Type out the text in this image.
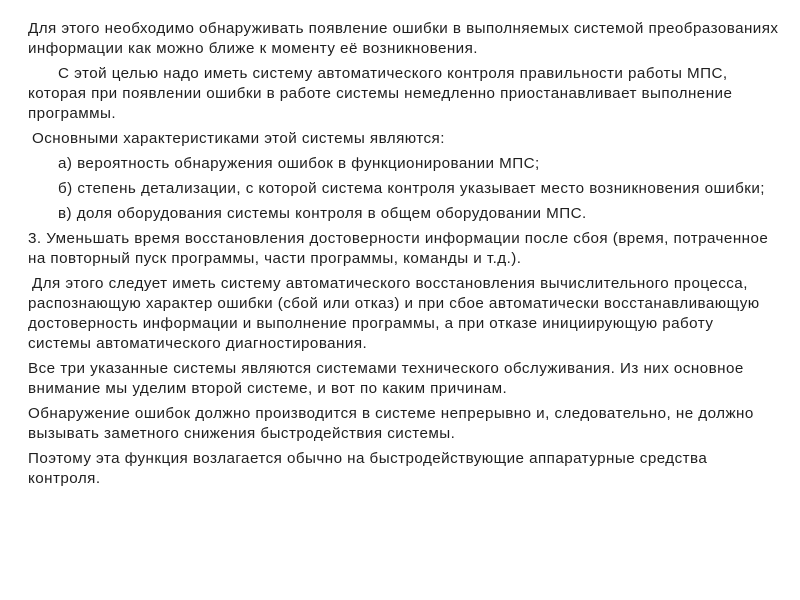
Для этого необходимо обнаруживать появление ошибки в выполняемых системой преобразованиях информации как можно ближе к моменту её возникновения.

С этой целью надо иметь систему автоматического контроля правильности работы МПС, которая при появлении ошибки в работе системы немедленно приостанавливает выполнение программы.

Основными характеристиками этой системы являются:

а) вероятность обнаружения ошибок в функционировании МПС;

б) степень детализации, с которой система контроля указывает место возникновения ошибки;

в) доля оборудования системы контроля в общем оборудовании МПС.

3. Уменьшать время восстановления достоверности информации после сбоя (время, потраченное на повторный пуск программы, части программы, команды и т.д.).

Для этого следует иметь систему автоматического восстановления вычислительного процесса, распознающую характер ошибки (сбой или отказ) и при сбое автоматически восстанавливающую достоверность информации и выполнение программы, а при отказе инициирующую работу системы автоматического диагностирования.

Все три указанные системы являются системами технического обслуживания. Из них основное внимание мы уделим второй системе, и вот по каким причинам.

Обнаружение ошибок должно производится в системе непрерывно и, следовательно, не должно вызывать заметного снижения быстродействия системы.

Поэтому эта функция возлагается обычно на быстродействующие аппаратурные средства контроля.
